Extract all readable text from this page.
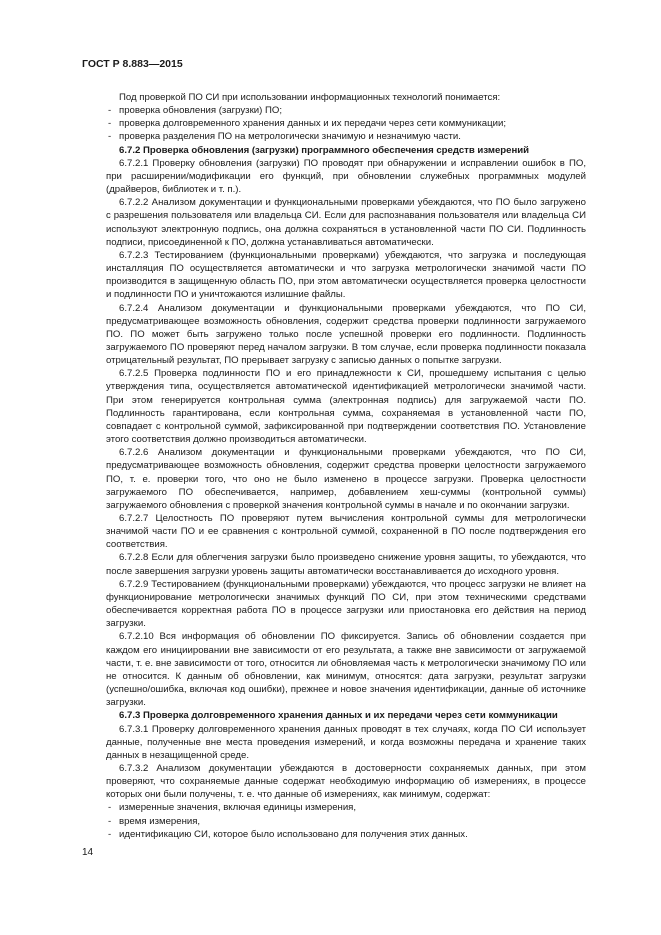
ГОСТ Р 8.883—2015

Под проверкой ПО СИ при использовании информационных технологий понимается:

- проверка обновления (загрузки) ПО;

- проверка долговременного хранения данных и их передачи через сети коммуникации;

- проверка разделения ПО на метрологически значимую и незначимую части.

6.7.2 Проверка обновления (загрузки) программного обеспечения средств измерений

6.7.2.1 Проверку обновления (загрузки) ПО проводят при обнаружении и исправлении ошибок в ПО, при расширении/модификации его функций, при обновлении служебных программных модулей (драйверов, библиотек и т. п.).

6.7.2.2 Анализом документации и функциональными проверками убеждаются, что ПО было загружено с разрешения пользователя или владельца СИ. Если для распознавания пользователя или владельца СИ используют электронную подпись, она должна сохраняться в установленной части ПО СИ. Подлинность подписи, присоединенной к ПО, должна устанавливаться автоматически.

6.7.2.3 Тестированием (функциональными проверками) убеждаются, что загрузка и последующая инсталляция ПО осуществляется автоматически и что загрузка метрологически значимой части ПО производится в защищенную область ПО, при этом автоматически осуществляется проверка целостности и подлинности ПО и уничтожаются излишние файлы.

6.7.2.4 Анализом документации и функциональными проверками убеждаются, что ПО СИ, предусматривающее возможность обновления, содержит средства проверки подлинности загружаемого ПО. ПО может быть загружено только после успешной проверки его подлинности. Подлинность загружаемого ПО проверяют перед началом загрузки. В том случае, если проверка подлинности показала отрицательный результат, ПО прерывает загрузку с записью данных о попытке загрузки.

6.7.2.5 Проверка подлинности ПО и его принадлежности к СИ, прошедшему испытания с целью утверждения типа, осуществляется автоматической идентификацией метрологически значимой части. При этом генерируется контрольная сумма (электронная подпись) для загружаемой части ПО. Подлинность гарантирована, если контрольная сумма, сохраняемая в установленной части ПО, совпадает с контрольной суммой, зафиксированной при подтверждении соответствия ПО. Установление этого соответствия должно производиться автоматически.

6.7.2.6 Анализом документации и функциональными проверками убеждаются, что ПО СИ, предусматривающее возможность обновления, содержит средства проверки целостности загружаемого ПО, т. е. проверки того, что оно не было изменено в процессе загрузки. Проверка целостности загружаемого ПО обеспечивается, например, добавлением хеш-суммы (контрольной суммы) загружаемого обновления с проверкой значения контрольной суммы в начале и по окончании загрузки.

6.7.2.7 Целостность ПО проверяют путем вычисления контрольной суммы для метрологически значимой части ПО и ее сравнения с контрольной суммой, сохраненной в ПО после подтверждения его соответствия.

6.7.2.8 Если для облегчения загрузки было произведено снижение уровня защиты, то убеждаются, что после завершения загрузки уровень защиты автоматически восстанавливается до исходного уровня.

6.7.2.9 Тестированием (функциональными проверками) убеждаются, что процесс загрузки не влияет на функционирование метрологически значимых функций ПО СИ, при этом техническими средствами обеспечивается корректная работа ПО в процессе загрузки или приостановка его действия на период загрузки.

6.7.2.10 Вся информация об обновлении ПО фиксируется. Запись об обновлении создается при каждом его инициировании вне зависимости от его результата, а также вне зависимости от загружаемой части, т. е. вне зависимости от того, относится ли обновляемая часть к метрологически значимому ПО или не относится. К данным об обновлении, как минимум, относятся: дата загрузки, результат загрузки (успешно/ошибка, включая код ошибки), прежнее и новое значения идентификации, данные об источнике загрузки.

6.7.3 Проверка долговременного хранения данных и их передачи через сети коммуникации

6.7.3.1 Проверку долговременного хранения данных проводят в тех случаях, когда ПО СИ использует данные, полученные вне места проведения измерений, и когда возможны передача и хранение таких данных в незащищенной среде.

6.7.3.2 Анализом документации убеждаются в достоверности сохраняемых данных, при этом проверяют, что сохраняемые данные содержат необходимую информацию об измерениях, в процессе которых они были получены, т. е. что данные об измерениях, как минимум, содержат:

- измеренные значения, включая единицы измерения,

- время измерения,

- идентификацию СИ, которое было использовано для получения этих данных.

14
